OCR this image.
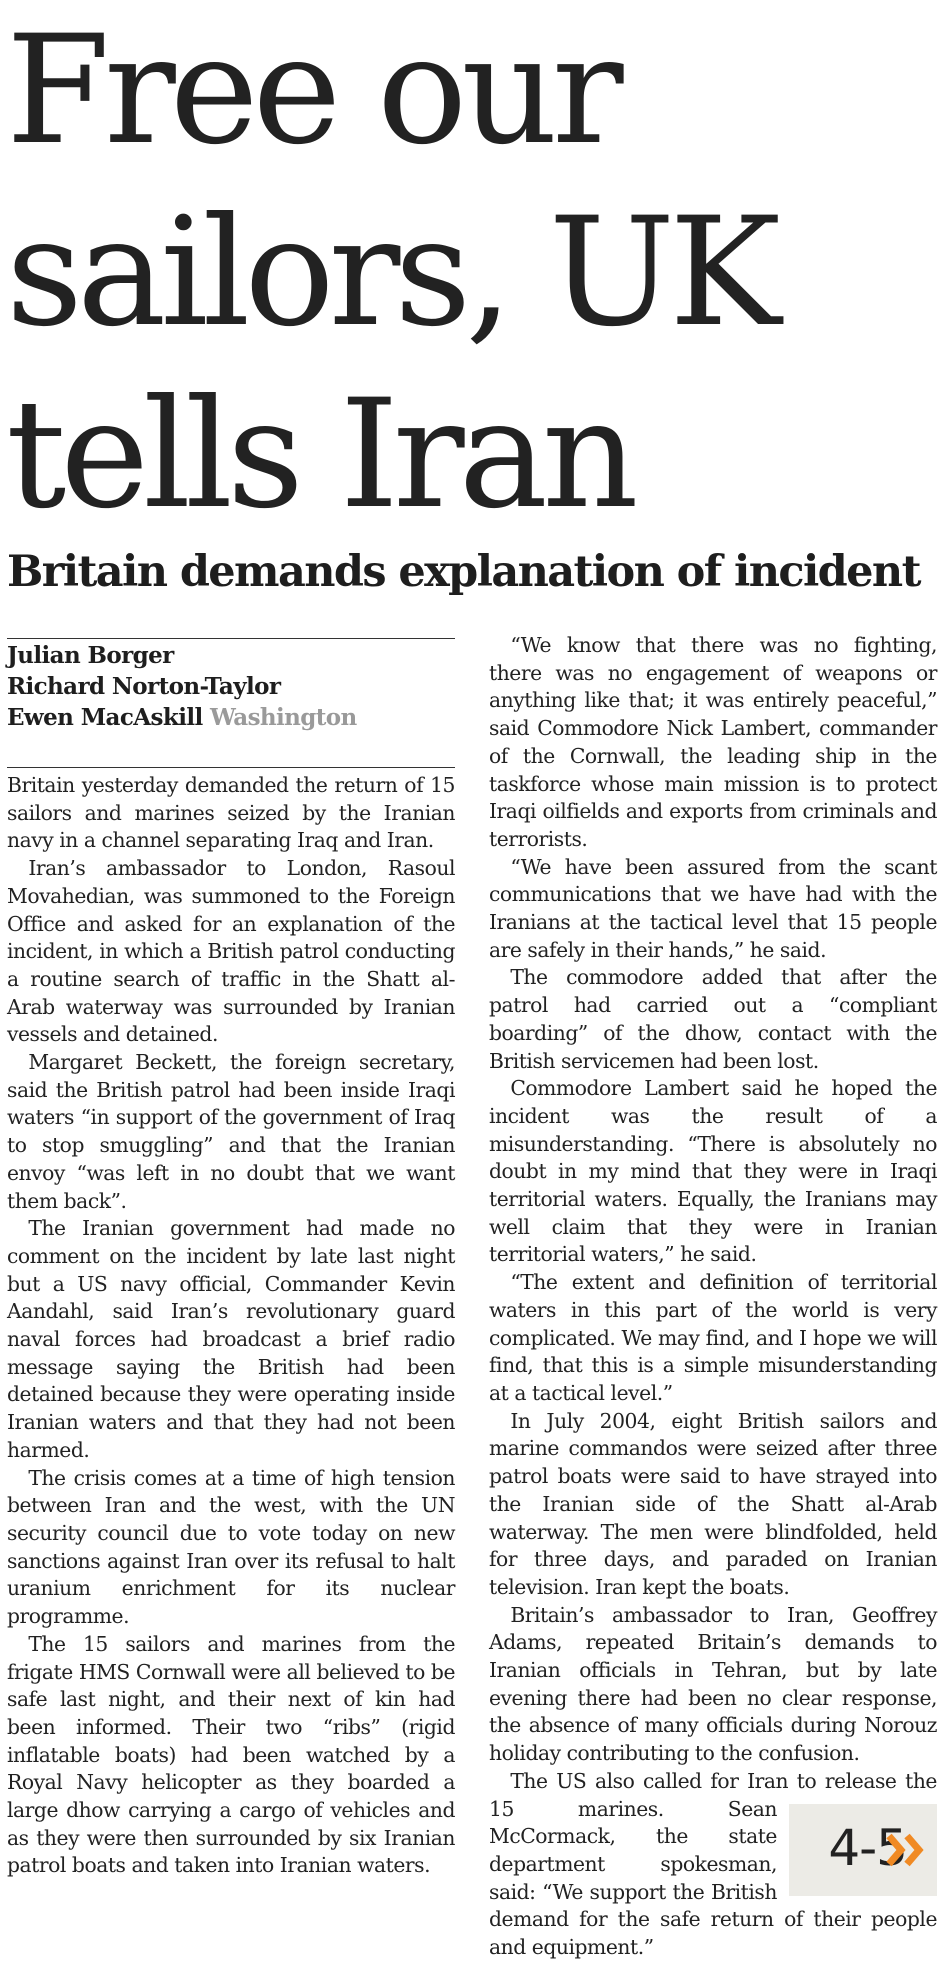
Free our
sailors, UK
tells Iran
Britain demands explanation of incident
Julian Borger
Richard Norton-Taylor
Ewen MacAskill Washington

Britain yesterday demanded the return of 15 sailors and marines seized by the Iranian navy in a channel separating Iraq and Iran.

Iran’s ambassador to London, Rasoul Movahedian, was summoned to the Foreign Office and asked for an explanation of the incident, in which a British patrol conducting a routine search of traffic in the Shatt al-Arab waterway was surrounded by Iranian vessels and detained.

Margaret Beckett, the foreign secretary, said the British patrol had been inside Iraqi waters “in support of the government of Iraq to stop smuggling” and that the Iranian envoy “was left in no doubt that we want them back”.

The Iranian government had made no comment on the incident by late last night but a US navy official, Commander Kevin Aandahl, said Iran’s revolutionary guard naval forces had broadcast a brief radio message saying the British had been detained because they were operating inside Iranian waters and that they had not been harmed.

The crisis comes at a time of high tension between Iran and the west, with the UN security council due to vote today on new sanctions against Iran over its refusal to halt uranium enrichment for its nuclear programme.

The 15 sailors and marines from the frigate HMS Cornwall were all believed to be safe last night, and their next of kin had been informed. Their two “ribs” (rigid inflatable boats) had been watched by a Royal Navy helicopter as they boarded a large dhow carrying a cargo of vehicles and as they were then surrounded by six Iranian patrol boats and taken into Iranian waters.

“We know that there was no fighting, there was no engagement of weapons or anything like that; it was entirely peaceful,” said Commodore Nick Lambert, commander of the Cornwall, the leading ship in the taskforce whose main mission is to protect Iraqi oilfields and exports from criminals and terrorists.

“We have been assured from the scant communications that we have had with the Iranians at the tactical level that 15 people are safely in their hands,” he said.

The commodore added that after the patrol had carried out a “compliant boarding” of the dhow, contact with the British servicemen had been lost.

Commodore Lambert said he hoped the incident was the result of a misunderstanding. “There is absolutely no doubt in my mind that they were in Iraqi territorial waters. Equally, the Iranians may well claim that they were in Iranian territorial waters,” he said.

“The extent and definition of territorial waters in this part of the world is very complicated. We may find, and I hope we will find, that this is a simple misunderstanding at a tactical level.”

In July 2004, eight British sailors and marine commandos were seized after three patrol boats were said to have strayed into the Iranian side of the Shatt al-Arab waterway. The men were blindfolded, held for three days, and paraded on Iranian television. Iran kept the boats.

Britain’s ambassador to Iran, Geoffrey Adams, repeated Britain’s demands to Iranian officials in Tehran, but by late evening there had been no clear response, the absence of many officials during Norouz holiday contributing to the confusion.

The US also called for Iran to release the 15 marines.
4-5
Sean McCormack, the state department spokesman, said: “We support the British demand for the safe return of their people and equipment.”
